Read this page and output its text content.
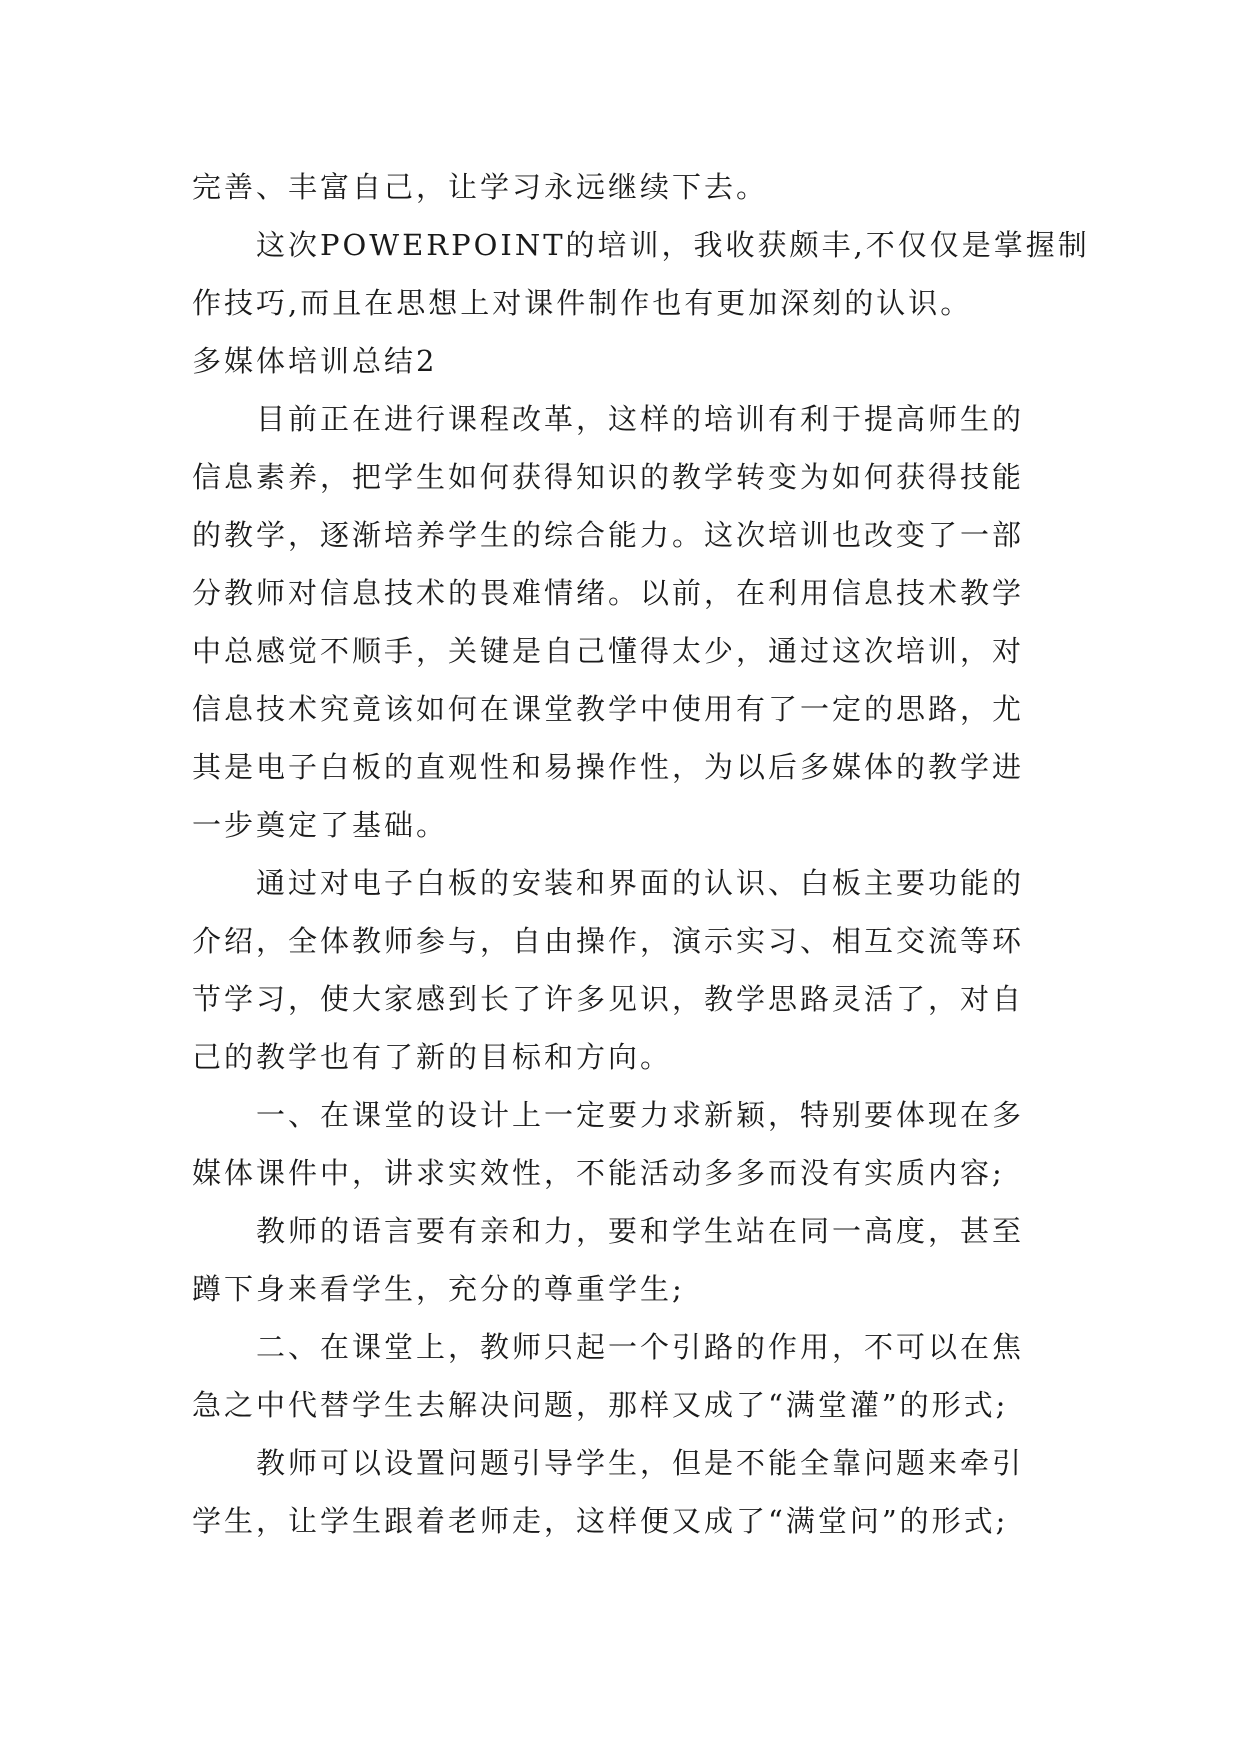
完善、丰富自己，让学习永远继续下去。
这次POWERPOINT的培训，我收获颇丰,不仅仅是掌握制
作技巧,而且在思想上对课件制作也有更加深刻的认识。
多媒体培训总结2
目前正在进行课程改革，这样的培训有利于提高师生的
信息素养，把学生如何获得知识的教学转变为如何获得技能
的教学，逐渐培养学生的综合能力。这次培训也改变了一部
分教师对信息技术的畏难情绪。以前，在利用信息技术教学
中总感觉不顺手，关键是自己懂得太少，通过这次培训，对
信息技术究竟该如何在课堂教学中使用有了一定的思路，尤
其是电子白板的直观性和易操作性，为以后多媒体的教学进
一步奠定了基础。
通过对电子白板的安装和界面的认识、白板主要功能的
介绍，全体教师参与，自由操作，演示实习、相互交流等环
节学习，使大家感到长了许多见识，教学思路灵活了，对自
己的教学也有了新的目标和方向。
一、在课堂的设计上一定要力求新颖，特别要体现在多
媒体课件中，讲求实效性，不能活动多多而没有实质内容;
教师的语言要有亲和力，要和学生站在同一高度，甚至
蹲下身来看学生，充分的尊重学生;
二、在课堂上，教师只起一个引路的作用，不可以在焦
急之中代替学生去解决问题，那样又成了“满堂灌”的形式;
教师可以设置问题引导学生，但是不能全靠问题来牵引
学生，让学生跟着老师走，这样便又成了“满堂问”的形式;
